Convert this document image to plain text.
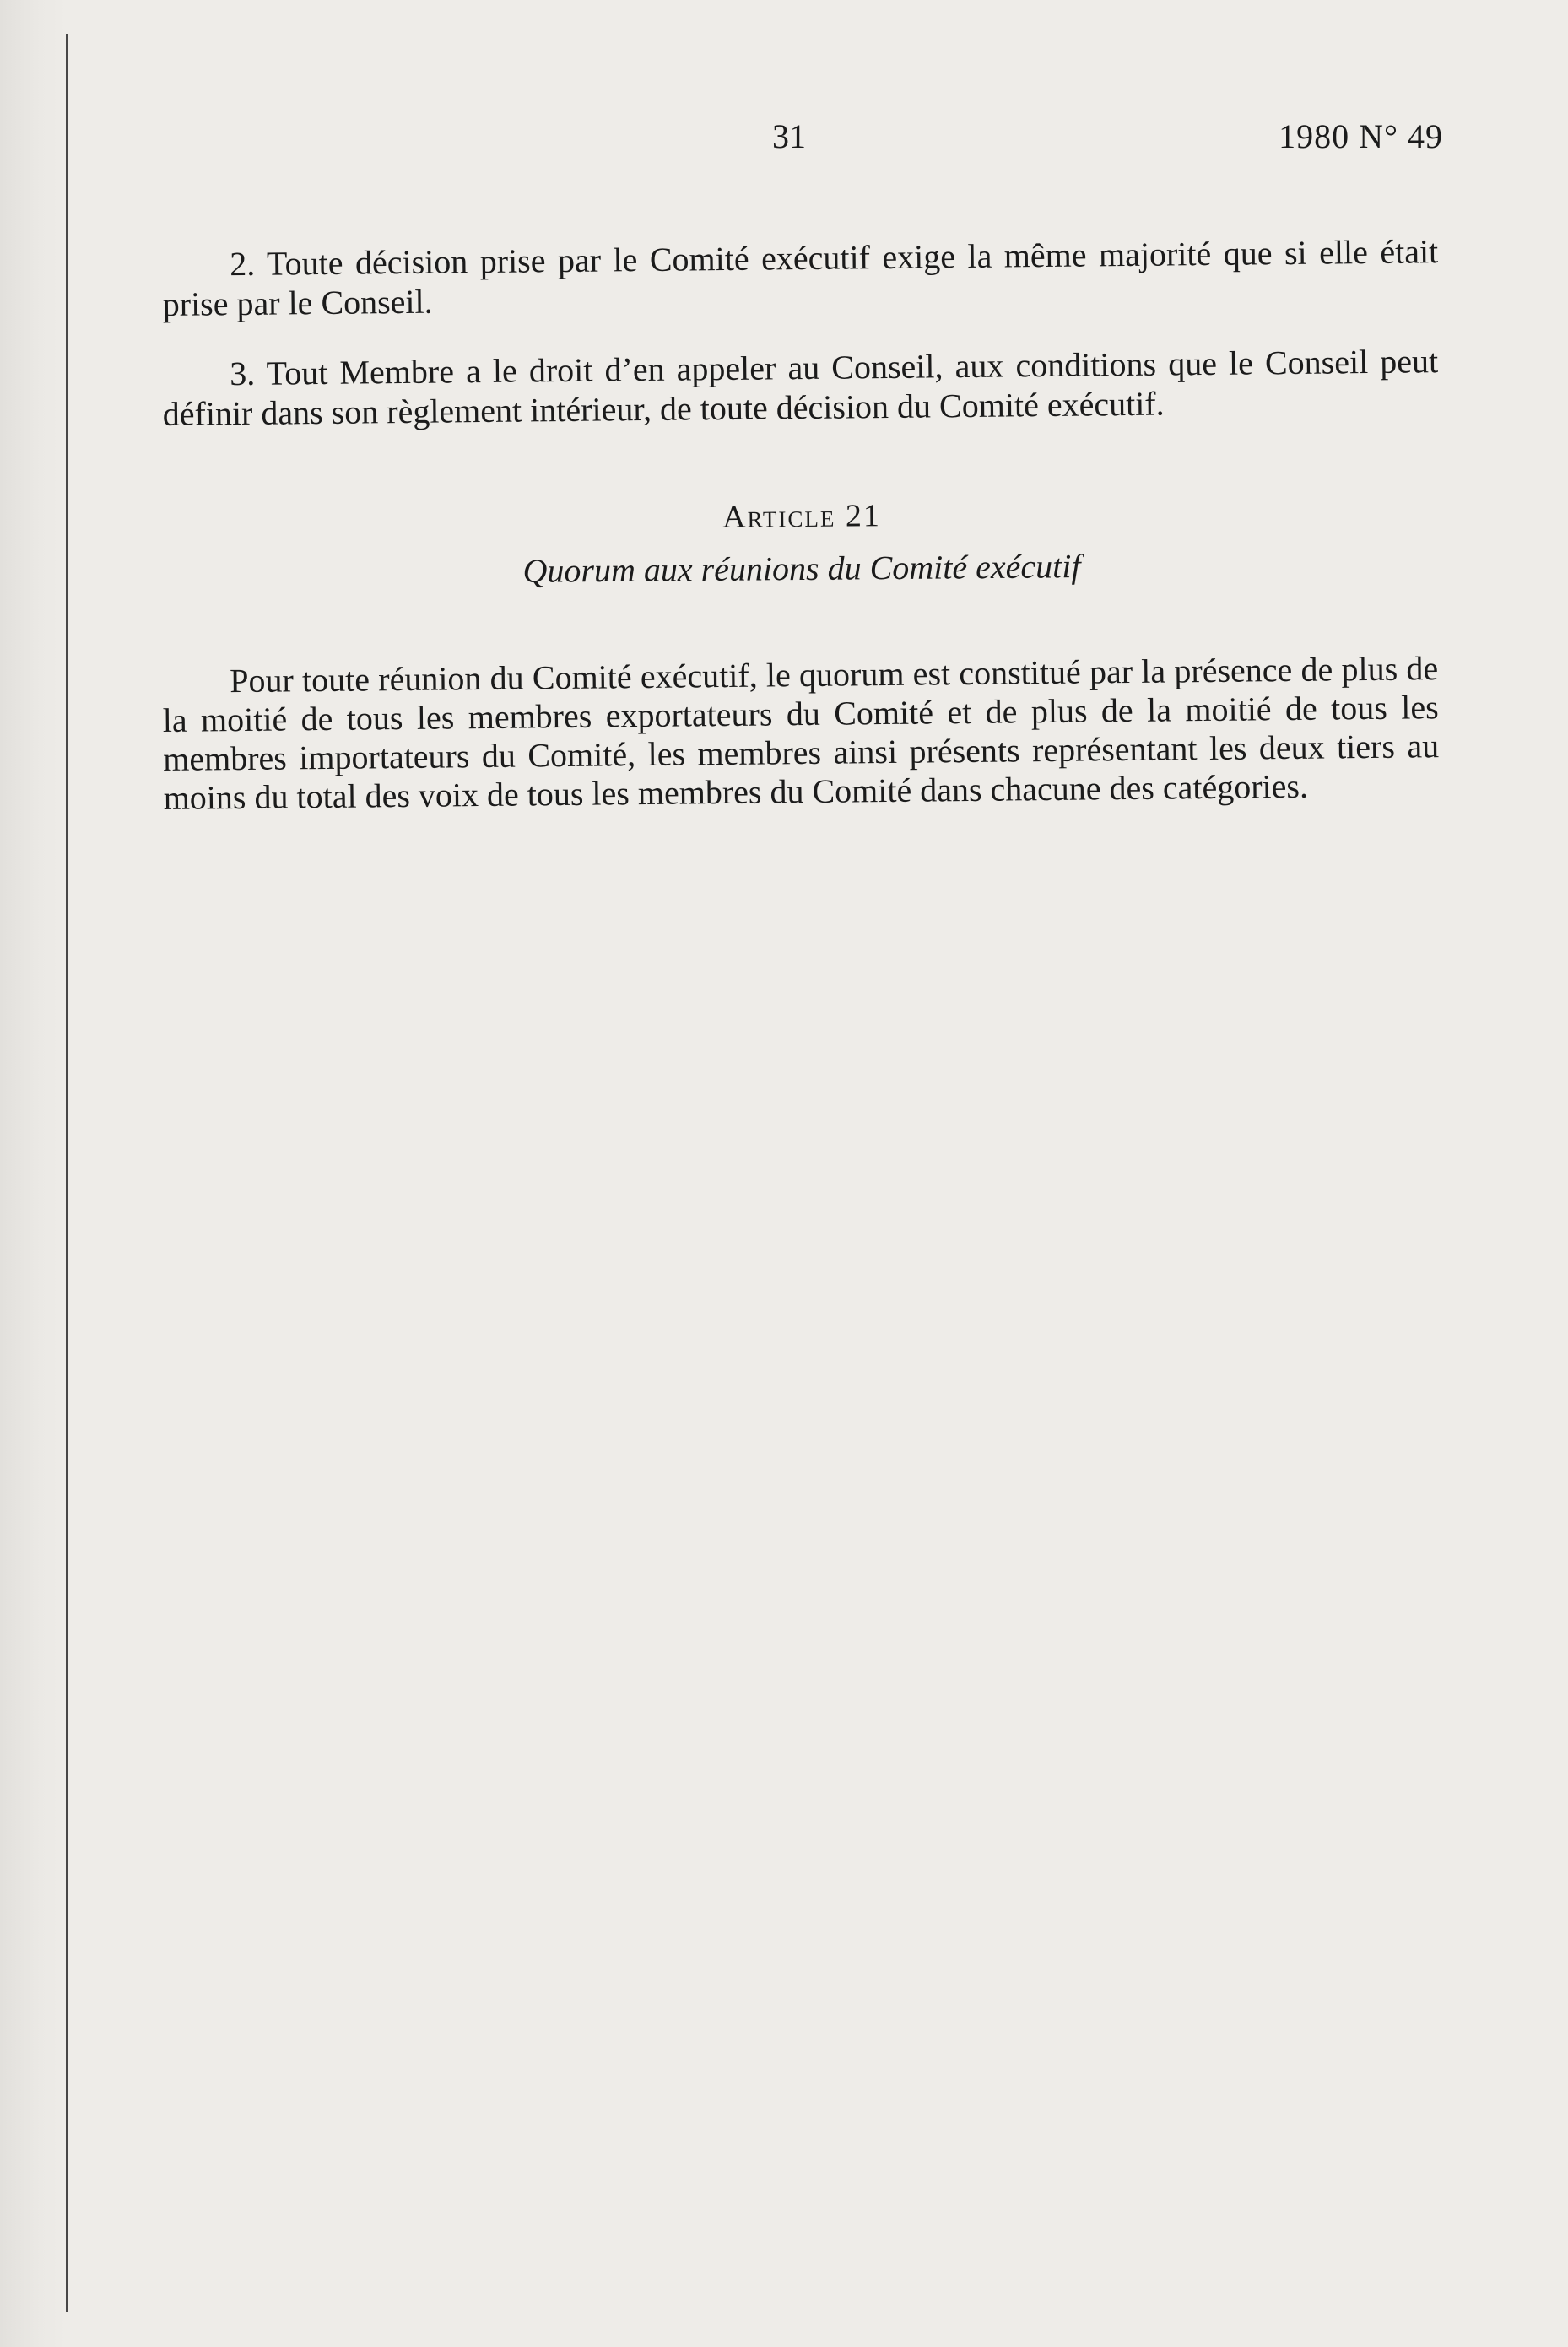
31	1980 N° 49

2. Toute décision prise par le Comité exécutif exige la même majorité que si elle était prise par le Conseil.

3. Tout Membre a le droit d’en appeler au Conseil, aux conditions que le Conseil peut définir dans son règlement intérieur, de toute décision du Comité exécutif.

Article 21
Quorum aux réunions du Comité exécutif

Pour toute réunion du Comité exécutif, le quorum est constitué par la présence de plus de la moitié de tous les membres exportateurs du Comité et de plus de la moitié de tous les membres importateurs du Comité, les membres ainsi présents représentant les deux tiers au moins du total des voix de tous les membres du Comité dans chacune des catégories.
